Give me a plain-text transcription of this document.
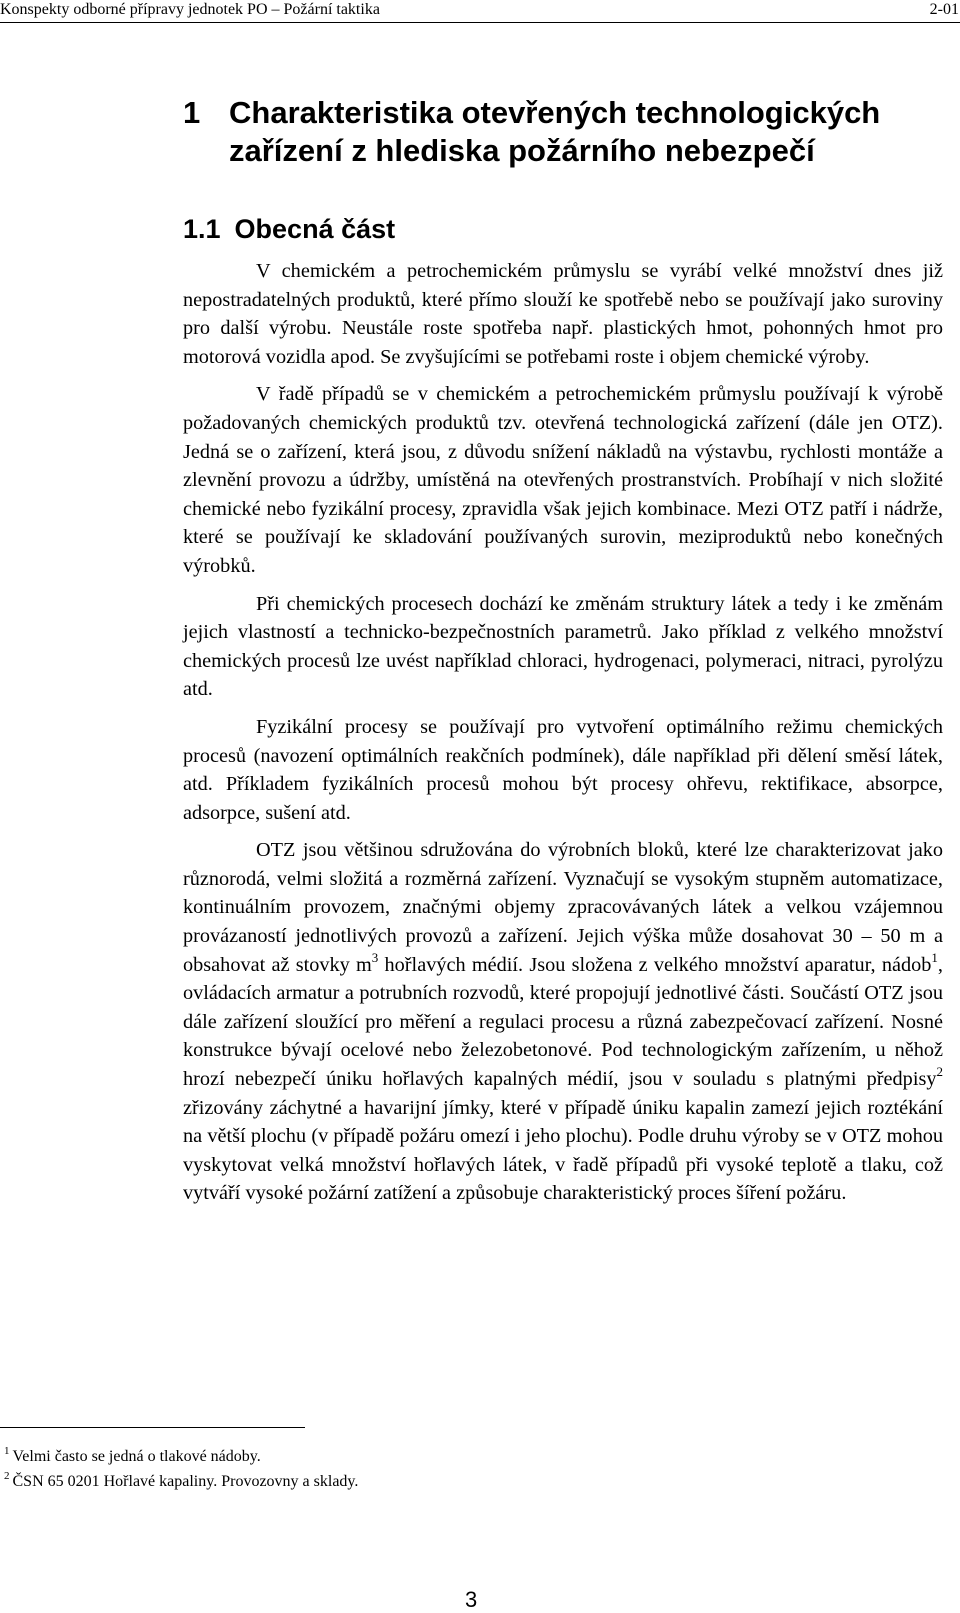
Konspekty odborné přípravy jednotek PO – Požární taktika	2-01
1 Charakteristika otevřených technologických zařízení z hlediska požárního nebezpečí
1.1 Obecná část

V chemickém a petrochemickém průmyslu se vyrábí velké množství dnes již nepostradatelných produktů, které přímo slouží ke spotřebě nebo se používají jako suroviny pro další výrobu. Neustále roste spotřeba např. plastických hmot, pohonných hmot pro motorová vozidla apod. Se zvyšujícími se potřebami roste i objem chemické výroby.

V řadě případů se v chemickém a petrochemickém průmyslu používají k výrobě požadovaných chemických produktů tzv. otevřená technologická zařízení (dále jen OTZ). Jedná se o zařízení, která jsou, z důvodu snížení nákladů na výstavbu, rychlosti montáže a zlevnění provozu a údržby, umístěná na otevřených prostranstvích. Probíhají v nich složité chemické nebo fyzikální procesy, zpravidla však jejich kombinace. Mezi OTZ patří i nádrže, které se používají ke skladování používaných surovin, meziproduktů nebo konečných výrobků.

Při chemických procesech dochází ke změnám struktury látek a tedy i ke změnám jejich vlastností a technicko-bezpečnostních parametrů. Jako příklad z velkého množství chemických procesů lze uvést například chloraci, hydrogenaci, polymeraci, nitraci, pyrolýzu atd.

Fyzikální procesy se používají pro vytvoření optimálního režimu chemických procesů (navození optimálních reakčních podmínek), dále například při dělení směsí látek, atd. Příkladem fyzikálních procesů mohou být procesy ohřevu, rektifikace, absorpce, adsorpce, sušení atd.

OTZ jsou většinou sdružována do výrobních bloků, které lze charakterizovat jako různorodá, velmi složitá a rozměrná zařízení. Vyznačují se vysokým stupněm automatizace, kontinuálním provozem, značnými objemy zpracovávaných látek a velkou vzájemnou provázaností jednotlivých provozů a zařízení. Jejich výška může dosahovat 30 – 50 m a obsahovat až stovky $m^3$ hořlavých médií. Jsou složena z velkého množství aparatur, nádob$^1$, ovládacích armatur a potrubních rozvodů, které propojují jednotlivé části. Součástí OTZ jsou dále zařízení sloužící pro měření a regulaci procesu a různá zabezpečovací zařízení. Nosné konstrukce bývají ocelové nebo železobetonové. Pod technologickým zařízením, u něhož hrozí nebezpečí úniku hořlavých kapalných médií, jsou v souladu s platnými předpisy$^2$ zřizovány záchytné a havarijní jímky, které v případě úniku kapalin zamezí jejich roztékání na větší plochu (v případě požáru omezí i jeho plochu). Podle druhu výroby se v OTZ mohou vyskytovat velká množství hořlavých látek, v řadě případů při vysoké teplotě a tlaku, což vytváří vysoké požární zatížení a způsobuje charakteristický proces šíření požáru.

$^1$ Velmi často se jedná o tlakové nádoby.
$^2$ ČSN 65 0201 Hořlavé kapaliny. Provozovny a sklady.
3
